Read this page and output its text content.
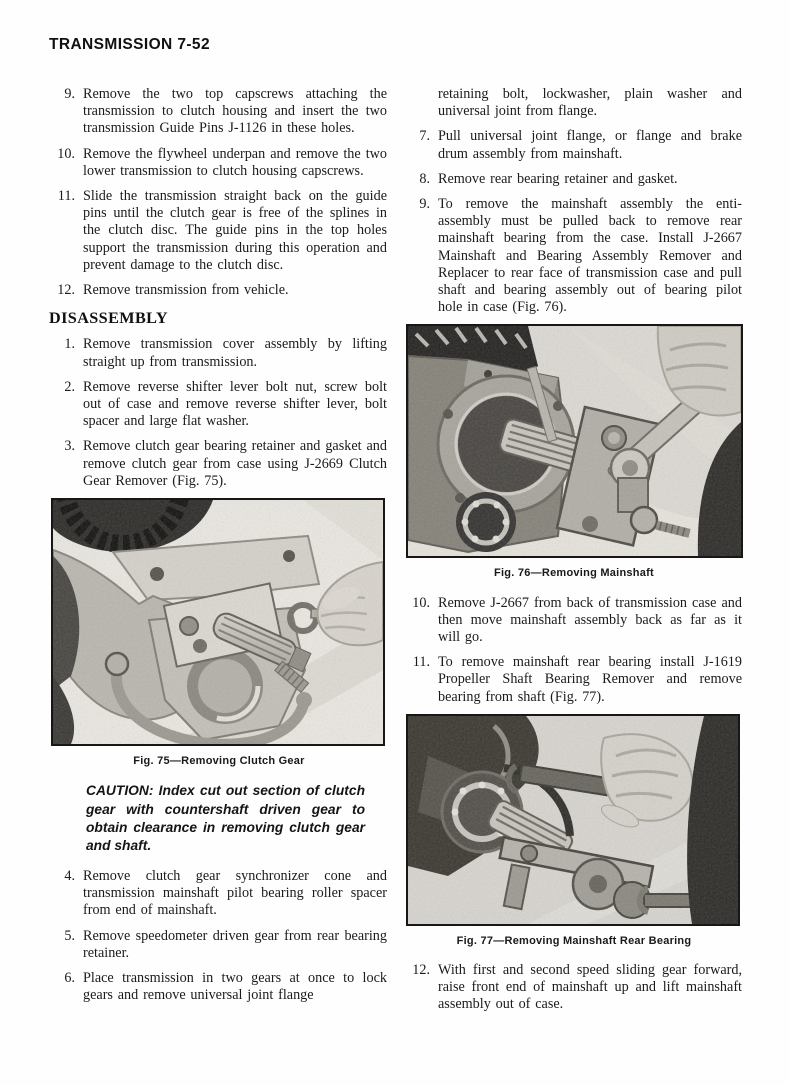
TRANSMISSION 7-52
9. Remove the two top capscrews attaching the transmission to clutch housing and insert the two transmission Guide Pins J-1126 in these holes.
10. Remove the flywheel underpan and remove the two lower transmission to clutch housing capscrews.
11. Slide the transmission straight back on the guide pins until the clutch gear is free of the splines in the clutch disc. The guide pins in the top holes support the transmission during this operation and prevent damage to the clutch disc.
12. Remove transmission from vehicle.
DISASSEMBLY
1. Remove transmission cover assembly by lifting straight up from transmission.
2. Remove reverse shifter lever bolt nut, screw bolt out of case and remove reverse shifter lever, bolt spacer and large flat washer.
3. Remove clutch gear bearing retainer and gasket and remove clutch gear from case using J-2669 Clutch Gear Remover (Fig. 75).
Fig. 75—Removing Clutch Gear
CAUTION: Index cut out section of clutch gear with countershaft driven gear to obtain clearance in removing clutch gear and shaft.
4. Remove clutch gear synchronizer cone and transmission mainshaft pilot bearing roller spacer from end of mainshaft.
5. Remove speedometer driven gear from rear bearing retainer.
6. Place transmission in two gears at once to lock gears and remove universal joint flange
retaining bolt, lockwasher, plain washer and universal joint from flange.
7. Pull universal joint flange, or flange and brake drum assembly from mainshaft.
8. Remove rear bearing retainer and gasket.
9. To remove the mainshaft assembly the enti- assembly must be pulled back to remove rear mainshaft bearing from the case. Install J-2667 Mainshaft and Bearing Assembly Remover and Replacer to rear face of transmission case and pull shaft and bearing assembly out of bearing pilot hole in case (Fig. 76).
Fig. 76—Removing Mainshaft
10. Remove J-2667 from back of transmission case and then move mainshaft assembly back as far as it will go.
11. To remove mainshaft rear bearing install J-1619 Propeller Shaft Bearing Remover and remove bearing from shaft (Fig. 77).
Fig. 77—Removing Mainshaft Rear Bearing
12. With first and second speed sliding gear forward, raise front end of mainshaft up and lift mainshaft assembly out of case.
